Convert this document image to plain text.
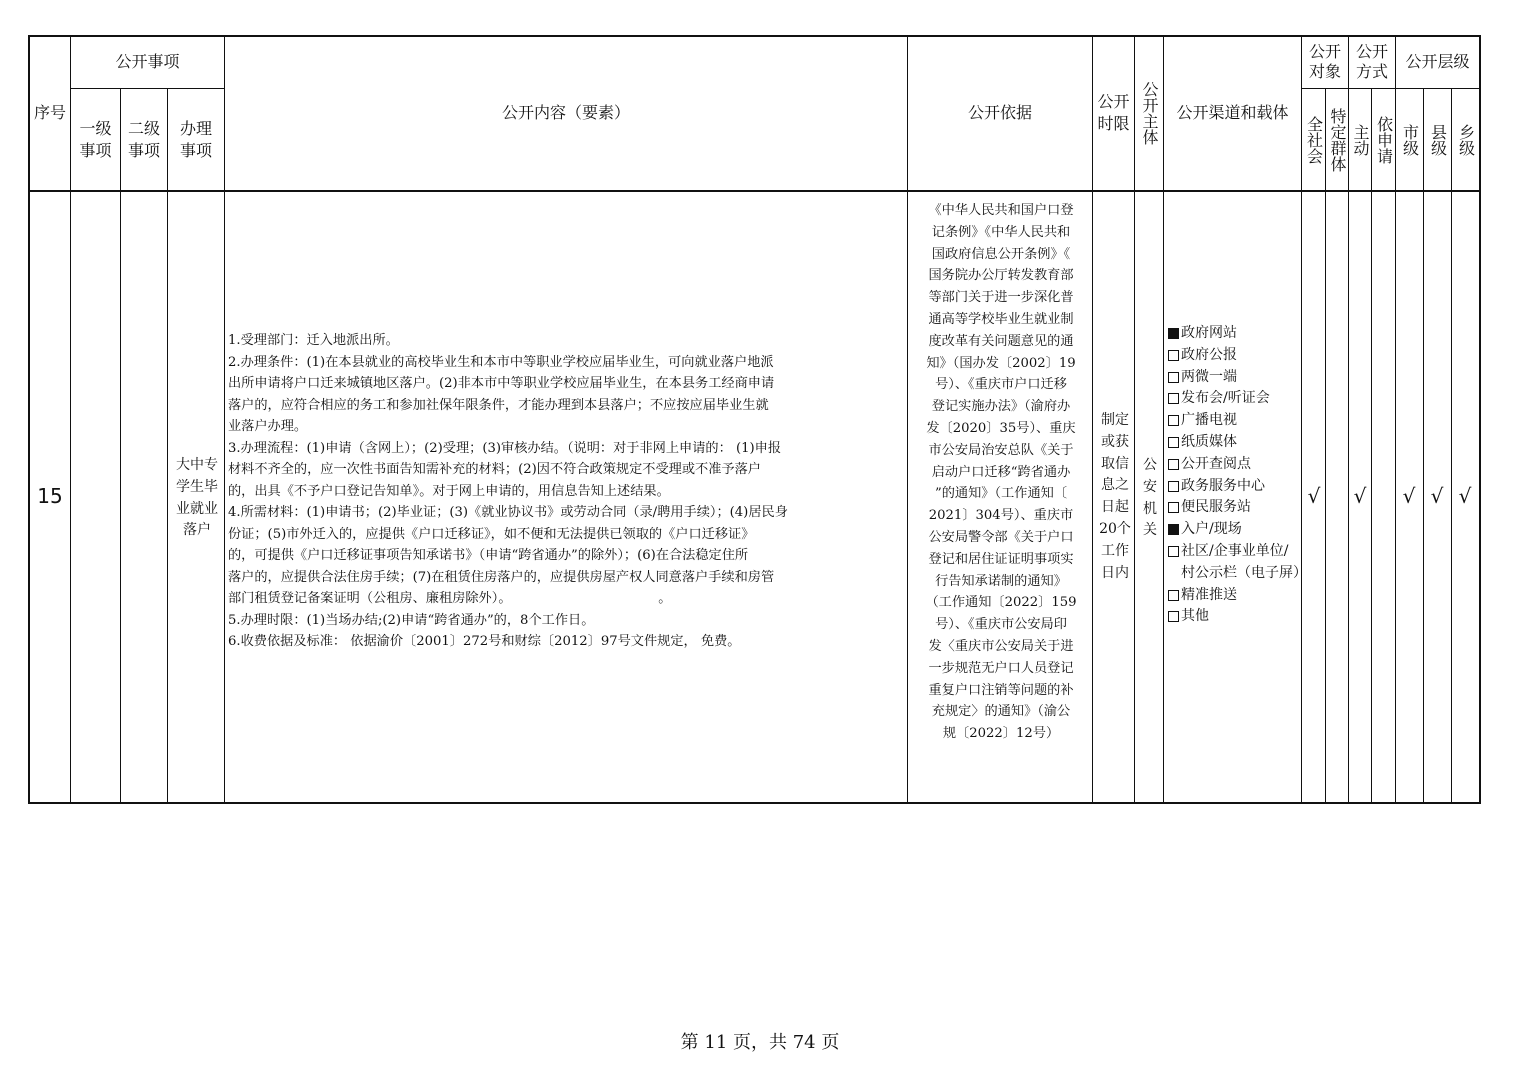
序号
公开事项
一级
事项
二级
事项
办理
事项
公开内容（要素）	公开依据
公开
时限 公开主体 公开渠道和载体
公开
对象
全社会 特定群体
公开
方式
主动 依申请
公开层级
市级 县级 乡级
15
大中专
学生毕
业就业
落户
1.受理部门：迁入地派出所。
2.办理条件：(1)在本县就业的高校毕业生和本市中等职业学校应届毕业生，可向就业落户地派
出所申请将户口迁来城镇地区落户。(2)非本市中等职业学校应届毕业生，在本县务工经商申请
落户的，应符合相应的务工和参加社保年限条件，才能办理到本县落户；不应按应届毕业生就
业落户办理。
3.办理流程：(1)申请（含网上）；(2)受理；(3)审核办结。（说明：对于非网上申请的： (1)申报
材料不齐全的，应一次性书面告知需补充的材料；(2)因不符合政策规定不受理或不准予落户
的，出具《不予户口登记告知单》。对于网上申请的，用信息告知上述结果。
4.所需材料：(1)申请书；(2)毕业证；(3)《就业协议书》或劳动合同（录/聘用手续）；(4)居民身
份证；(5)市外迁入的，应提供《户口迁移证》，如不便和无法提供已领取的《户口迁移证》
的，可提供《户口迁移证事项告知承诺书》（申请“跨省通办”的除外）；(6)在合法稳定住所
落户的，应提供合法住房手续；(7)在租赁住房落户的，应提供房屋产权人同意落户手续和房管
部门租赁登记备案证明（公租房、廉租房除外）。                                   。
5.办理时限：(1)当场办结;(2)申请“跨省通办”的，8个工作日。
6.收费依据及标准： 依据渝价〔2001〕272号和财综〔2012〕97号文件规定， 免费。
《中华人民共和国户口登
记条例》《中华人民共和
国政府信息公开条例》《
国务院办公厅转发教育部
等部门关于进一步深化普
通高等学校毕业生就业制
度改革有关问题意见的通
知》（国办发〔2002〕19
号）、《重庆市户口迁移
登记实施办法》（渝府办
发〔2020〕35号）、重庆
市公安局治安总队《关于
启动户口迁移“跨省通办
”的通知》（工作通知〔
2021〕304号）、重庆市
公安局警令部《关于户口
登记和居住证证明事项实
行告知承诺制的通知》
（工作通知〔2022〕159
号）、《重庆市公安局印
发〈重庆市公安局关于进
一步规范无户口人员登记
重复户口注销等问题的补
充规定〉的通知》（渝公
规〔2022〕12号）
制定
或获
取信
息之
日起
20个
工作
日内
公
安
机
关
政府网站
政府公报
两微一端
发布会/听证会
广播电视
纸质媒体
公开查阅点
政务服务中心
便民服务站
入户/现场
社区/企事业单位/村公示栏（电子屏）
精准推送
其他
√ √ √ √ √
第 11 页，共 74 页
